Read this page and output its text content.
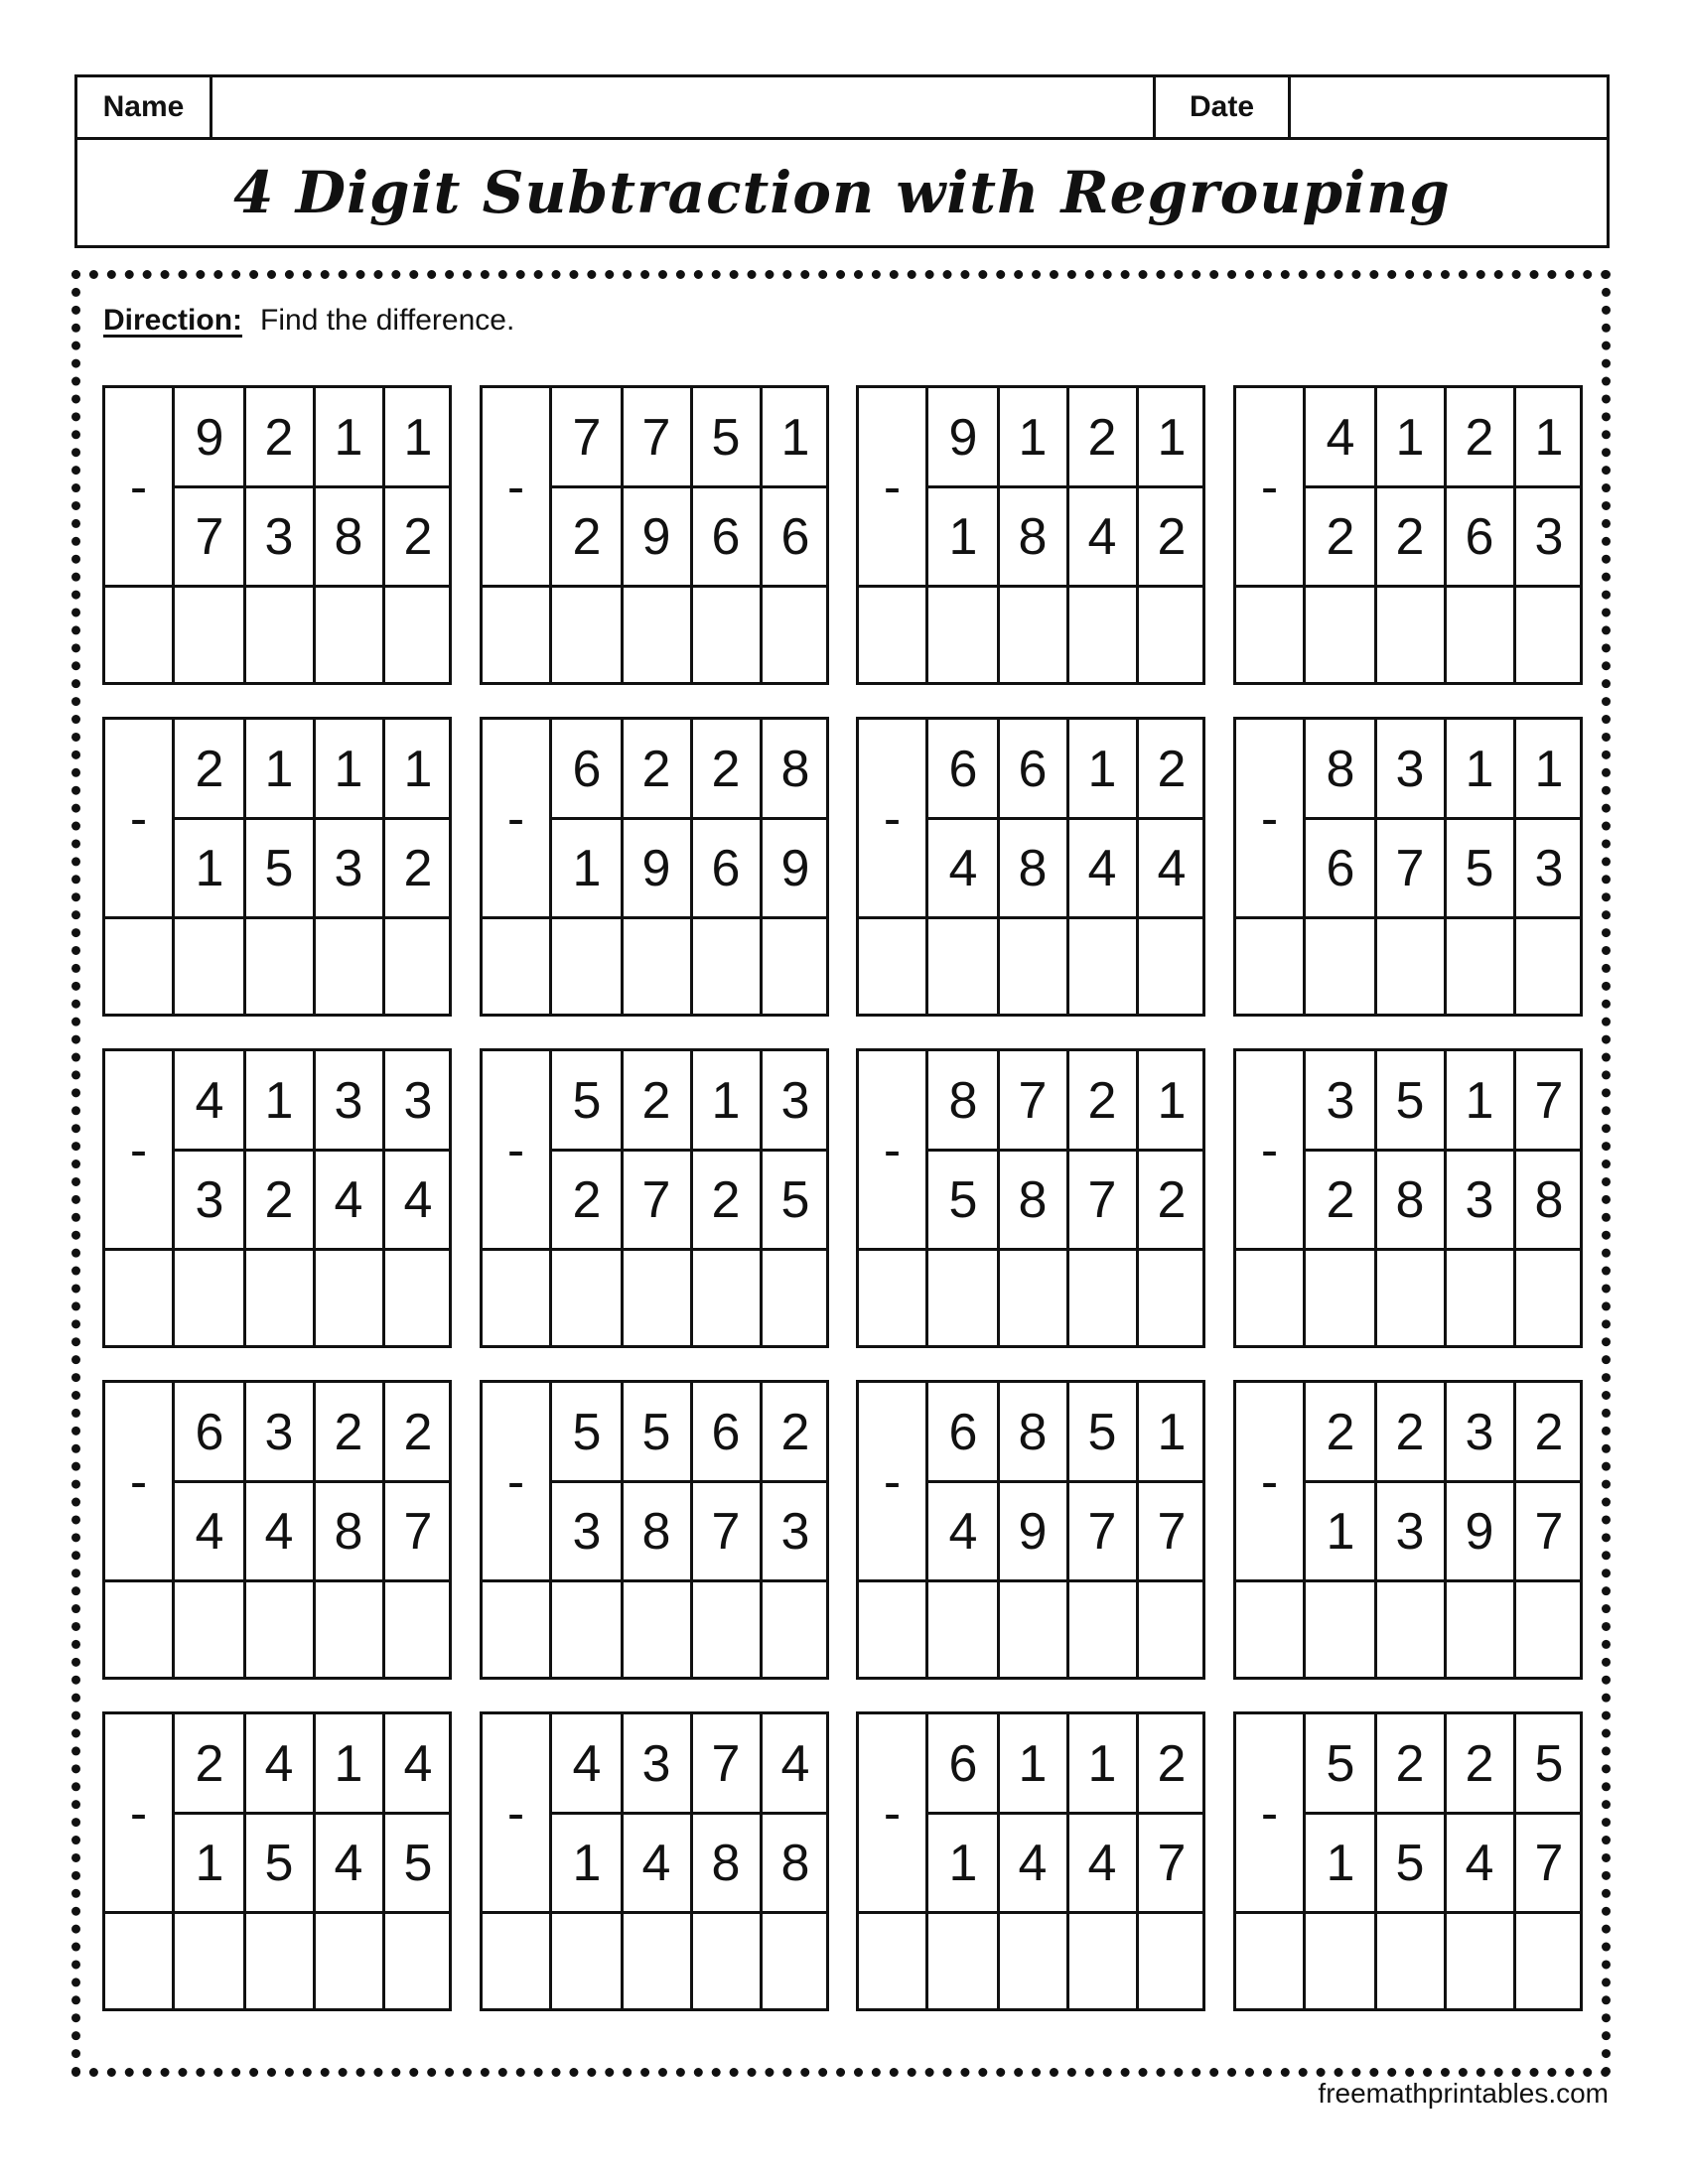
Name	Date
4 Digit Subtraction with Regrouping
Direction: Find the difference.
-
9 2 1 1
7 3 8 2
-
7 7 5 1
2 9 6 6
-
9 1 2 1
1 8 4 2
-
4 1 2 1
2 2 6 3
-
2 1 1 1
1 5 3 2
-
6 2 2 8
1 9 6 9
-
6 6 1 2
4 8 4 4
-
8 3 1 1
6 7 5 3
-
4 1 3 3
3 2 4 4
-
5 2 1 3
2 7 2 5
-
8 7 2 1
5 8 7 2
-
3 5 1 7
2 8 3 8
-
6 3 2 2
4 4 8 7
-
5 5 6 2
3 8 7 3
-
6 8 5 1
4 9 7 7
-
2 2 3 2
1 3 9 7
-
2 4 1 4
1 5 4 5
-
4 3 7 4
1 4 8 8
-
6 1 1 2
1 4 4 7
-
5 2 2 5
1 5 4 7
freemathprintables.com
